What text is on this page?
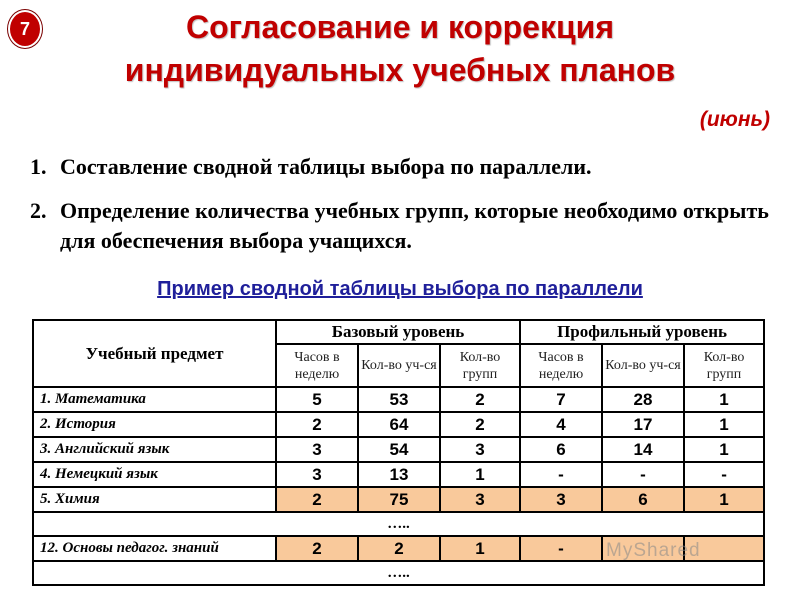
7	Согласование и коррекция
индивидуальных учебных планов
(июнь)
1. Составление сводной таблицы выбора по параллели.
2. Определение количества учебных групп, которые необходимо открыть для обеспечения выбора учащихся.
Пример сводной таблицы выбора по параллели
Учебный предмет	Базовый уровень			Профильный уровень		
	Часов в неделю	Кол-во уч-ся	Кол-во групп	Часов в неделю	Кол-во уч-ся	Кол-во групп
1. Математика	5	53	2	7	28	1
2. История	2	64	2	4	17	1
3. Английский язык	3	54	3	6	14	1
4. Немецкий язык	3	13	1	-	-	-
5. Химия	2	75	3	3	6	1
…..						
12. Основы педагог. знаний	2	2	1	-		
…..						
MyShared
